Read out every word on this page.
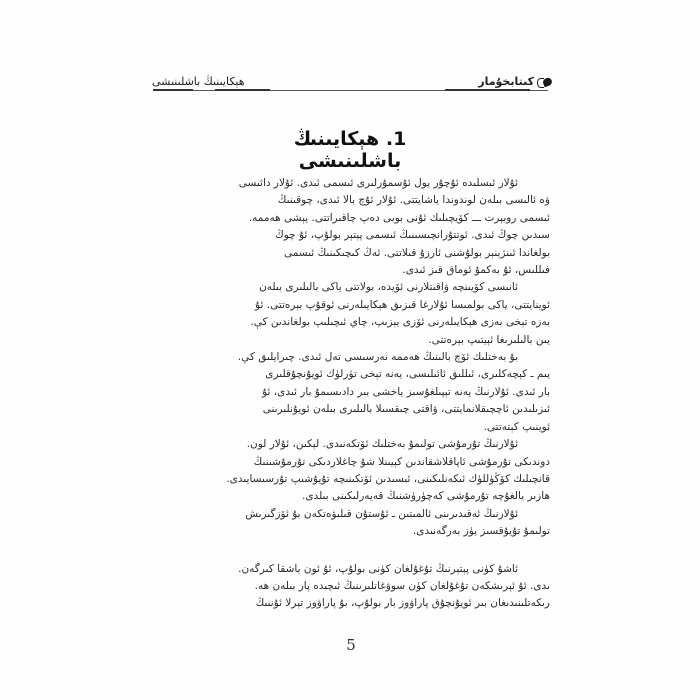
كىتابخۇمار
هېكايىنىڭ باشلىنىشى
1. هېكايىنىڭ باشلىنىشى

ئۇلار ئىسلىدە ئۇچۇر يول ئۇسمۇرلىرى ئىسمى ئىدى. ئۇلار دائىسى
ۋە ئالىسى بىلەن لوندوندا ياشايتتى. ئۇلار ئۇچ بالا ئىدى، چوقىنىڭ
ئىسمى روبېرت ـــ كۆيچىلىك ئۇنى بوبى دەپ چاقىراتتى. يېشى ھەممە.
سىدىن چوڭ ئىدى. ئوتتۇرانچىسىنىڭ ئىسمى پېتېر بولۇپ، ئۇ چوڭ
بولغاندا ئىنژېنېر بولۇشنى ئارزۇ قىلاتتى. ئەڭ كىچىكىنىڭ ئىسمى
فىللىس، ئۇ بەكمۇ ئوماق قىز ئىدى.

ئانىسى كۆيىنچە ۋاقىتلارنى ئۆيدە، بولاتتى ياكى بالىلىرى بىلەن
ئوينايتتى، ياكى بولمىسا ئۇلارغا قىزىق ھېكايىلەرنى ئوقۇپ بېرەتتى. ئۇ
بەزە تېخى بەزى ھېكايىلەرنى ئۆزى يېزىپ، چاي ئىچىلىپ بولغاندىن كې.
يىن بالىلىرىغا ئېيتىپ بېرەتتى.

بۇ بەختلىك ئۆچ بالىنىڭ ھەممە نەرسىسى تەل ئىدى. چىرايلىق كې.
يىم ـ كېچەكلىرى، ئىللىق ئائىلىسى، يەنە تېخى تۈرلۈك ئويۇنچۇقلىرى
بار ئىدى. ئۇلارنىڭ يەنە تېپىلغۇسىز ياخشى بىر دادىسىمۇ بار ئىدى، ئۇ
ئىزىلىدىن ئاچچىقلانمايتتى، ۋاقتى چىقسىلا بالىلىرى بىلەن ئويۇنلىرىنى
ئوينىپ كېتەتتى.

ئۇلارنىڭ تۇرمۇشى تولىمۇ بەختلىك ئۆتكەنىدى. لېكىن، ئۇلار لون.
دوندىكى تۇرمۇشى ئاپاقلاشقاندىن كېيىنلا شۇ چاغلاردىكى تۇرمۇشىنىڭ
قانچىلىك كۆڭۈللۈك ئىكەنلىكىنى، ئىسىدىن ئۆتكىنىچە تۇيۇشىپ تۇرسىسايىدى.
ھازىر يالغۇچە تۇرمۇشى كەچۈرۈشنىڭ قەيەرلىكىنى بىلدى.

ئۇلارنىڭ ئەقىدىرىنى ئالمىتىن ـ ئۇستۇن قىلىۋەتكەن بۇ ئۆزگىرىش
تولىمۇ تۇيۇقسىز يۈز بەرگەنىدى.

ئاشۇ كۈنى پېتېرنىڭ تۇغۇلغان كۈنى بولۇپ، ئۇ ئون ياشقا كىرگەن.
ىدى. ئۇ ئېرىشكەن تۇغۇلغان كۈن سوۋغاتلىرىنىڭ ئىچىدە پار بىلەن ھە.
رىكەتلىنىدىغان بىر ئويۇنچۇق پاراۋوز بار بولۇپ، بۇ پاراۋوز تېرلا ئۇننىڭ

5
